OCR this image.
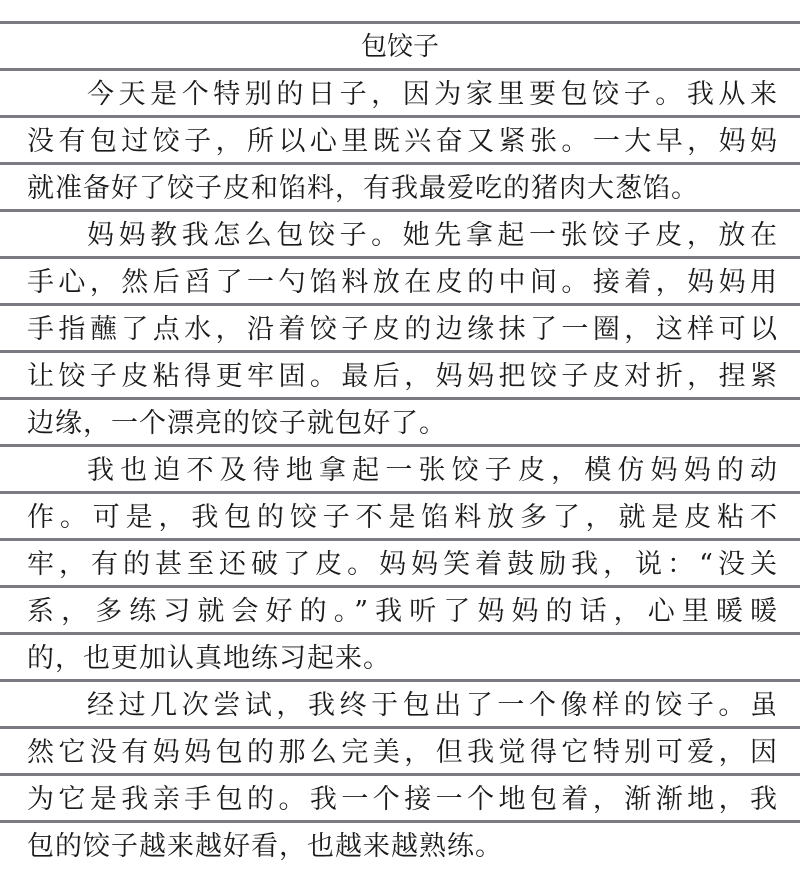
包饺子
今天是个特别的日子，因为家里要包饺子。我从来
没有包过饺子，所以心里既兴奋又紧张。一大早，妈妈
就准备好了饺子皮和馅料，有我最爱吃的猪肉大葱馅。
妈妈教我怎么包饺子。她先拿起一张饺子皮，放在
手心，然后舀了一勺馅料放在皮的中间。接着，妈妈用
手指蘸了点水，沿着饺子皮的边缘抹了一圈，这样可以
让饺子皮粘得更牢固。最后，妈妈把饺子皮对折，捏紧
边缘，一个漂亮的饺子就包好了。
我也迫不及待地拿起一张饺子皮，模仿妈妈的动
作。可是，我包的饺子不是馅料放多了，就是皮粘不
牢，有的甚至还破了皮。妈妈笑着鼓励我，说：“没关
系，多练习就会好的。”我听了妈妈的话，心里暖暖
的，也更加认真地练习起来。
经过几次尝试，我终于包出了一个像样的饺子。虽
然它没有妈妈包的那么完美，但我觉得它特别可爱，因
为它是我亲手包的。我一个接一个地包着，渐渐地，我
包的饺子越来越好看，也越来越熟练。
